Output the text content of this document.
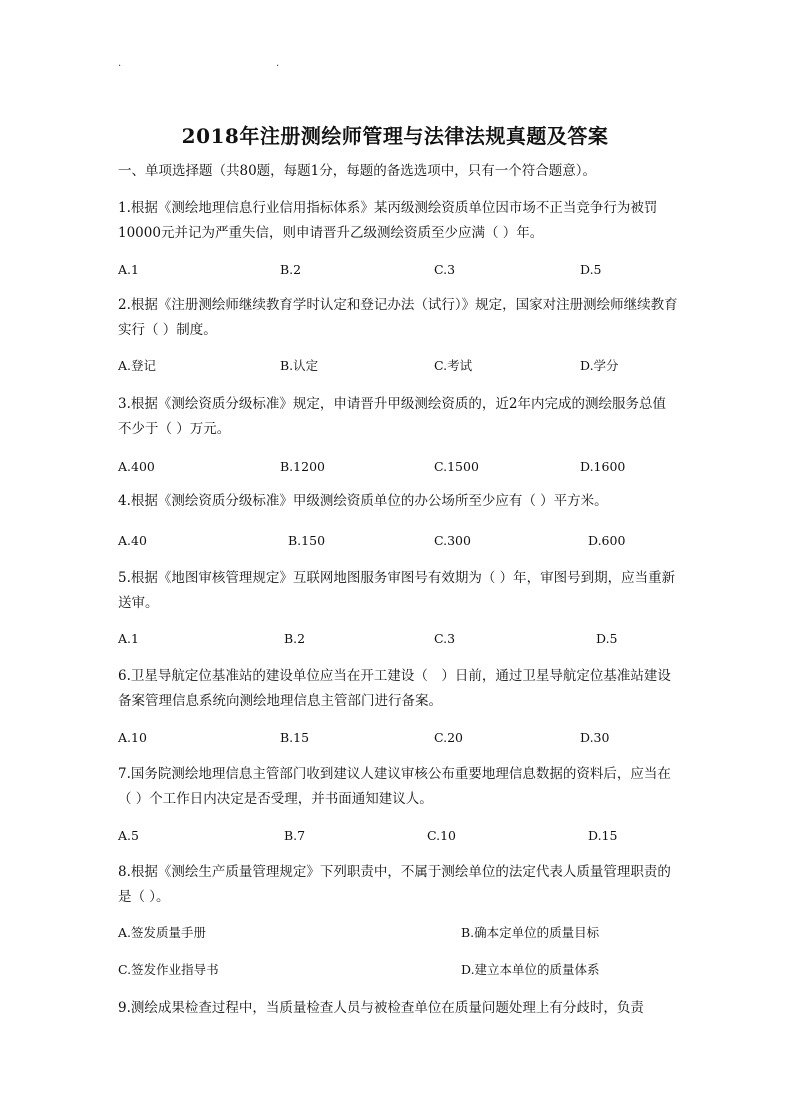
.	.
2018年注册测绘师管理与法律法规真题及答案
一、单项选择题（共80题，每题1分，每题的备选选项中，只有一个符合题意）。
1.根据《测绘地理信息行业信用指标体系》某丙级测绘资质单位因市场不正当竞争行为被罚10000元并记为严重失信，则申请晋升乙级测绘资质至少应满（ ）年。
A.1	B.2	C.3	D.5
2.根据《注册测绘师继续教育学时认定和登记办法（试行）》规定，国家对注册测绘师继续教育实行（ ）制度。
A.登记	B.认定	C.考试	D.学分
3.根据《测绘资质分级标准》规定，申请晋升甲级测绘资质的，近2年内完成的测绘服务总值不少于（ ）万元。
A.400	B.1200	C.1500	D.1600
4.根据《测绘资质分级标准》甲级测绘资质单位的办公场所至少应有（ ）平方米。
A.40	B.150	C.300	D.600
5.根据《地图审核管理规定》互联网地图服务审图号有效期为（ ）年，审图号到期，应当重新送审。
A.1	B.2	C.3	D.5
6.卫星导航定位基准站的建设单位应当在开工建设（　）日前，通过卫星导航定位基准站建设备案管理信息系统向测绘地理信息主管部门进行备案。
A.10	B.15	C.20	D.30
7.国务院测绘地理信息主管部门收到建议人建议审核公布重要地理信息数据的资料后，应当在（ ）个工作日内决定是否受理，并书面通知建议人。
A.5	B.7	C.10	D.15
8.根据《测绘生产质量管理规定》下列职责中，不属于测绘单位的法定代表人质量管理职责的是（ ）。
A.签发质量手册	B.确本定单位的质量目标
C.签发作业指导书	D.建立本单位的质量体系
9.测绘成果检查过程中，当质量检查人员与被检查单位在质量问题处理上有分歧时，负责
